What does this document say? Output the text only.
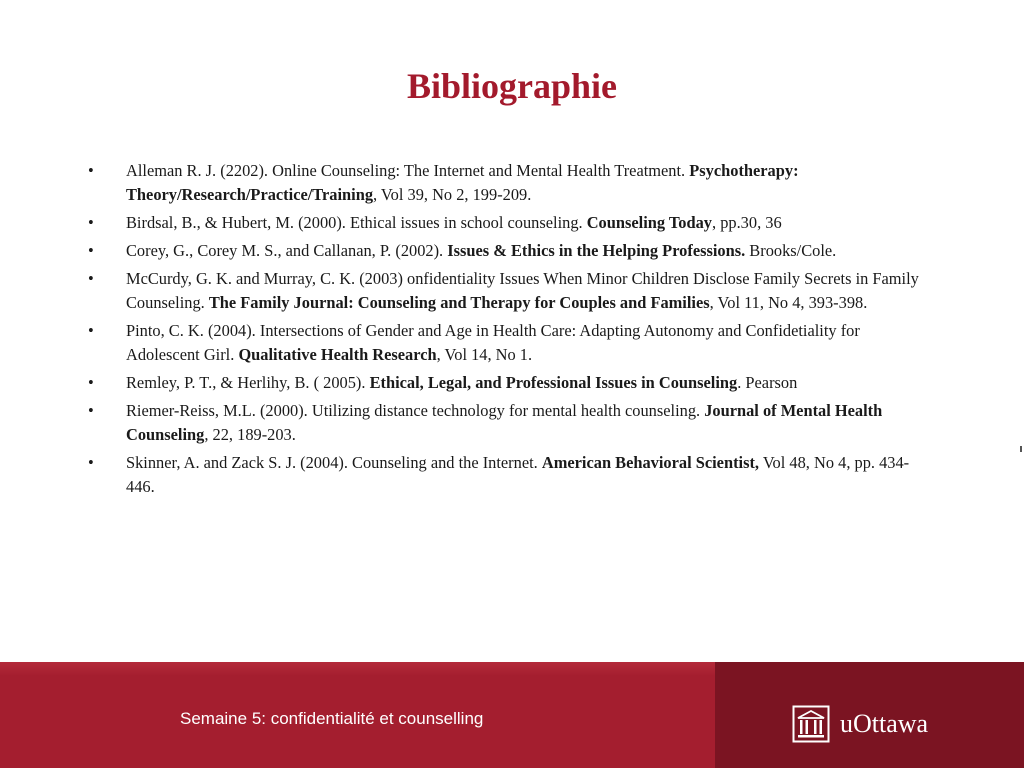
Bibliographie
• Alleman R. J. (2202). Online Counseling: The Internet and Mental Health Treatment. Psychotherapy: Theory/Research/Practice/Training, Vol 39, No 2, 199-209.
• Birdsal, B., & Hubert, M. (2000). Ethical issues in school counseling. Counseling Today, pp.30, 36
• Corey, G., Corey M. S., and Callanan, P. (2002). Issues & Ethics in the Helping Professions. Brooks/Cole.
• McCurdy, G. K. and Murray, C. K. (2003) onfidentiality Issues When Minor Children Disclose Family Secrets in Family Counseling. The Family Journal: Counseling and Therapy for Couples and Families, Vol 11, No 4, 393-398.
• Pinto, C. K. (2004). Intersections of Gender and Age in Health Care: Adapting Autonomy and Confidetiality for Adolescent Girl. Qualitative Health Research, Vol 14, No 1.
• Remley, P. T., & Herlihy, B. ( 2005). Ethical, Legal, and Professional Issues in Counseling. Pearson
• Riemer-Reiss, M.L. (2000). Utilizing distance technology for mental health counseling. Journal of Mental Health Counseling, 22, 189-203.
• Skinner, A. and Zack S. J. (2004). Counseling and the Internet. American Behavioral Scientist, Vol 48, No 4, pp. 434-446.
Semaine 5: confidentialité et counselling	uOttawa
